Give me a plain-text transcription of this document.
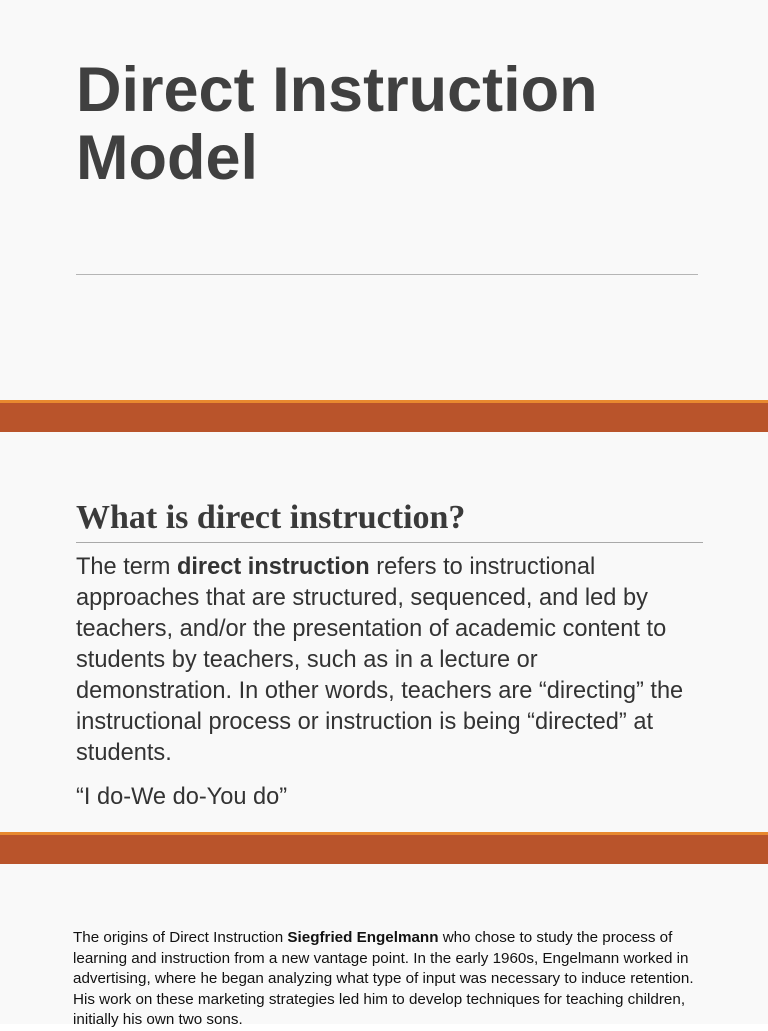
Direct Instruction
Model
What is direct instruction?

The term direct instruction refers to instructional approaches that are structured, sequenced, and led by teachers, and/or the presentation of academic content to students by teachers, such as in a lecture or demonstration. In other words, teachers are “directing” the instructional process or instruction is being “directed” at students.

“I do-We do-You do”

The origins of Direct Instruction Siegfried Engelmann who chose to study the process of learning and instruction from a new vantage point. In the early 1960s, Engelmann worked in advertising, where he began analyzing what type of input was necessary to induce retention. His work on these marketing strategies led him to develop techniques for teaching children, initially his own two sons.
